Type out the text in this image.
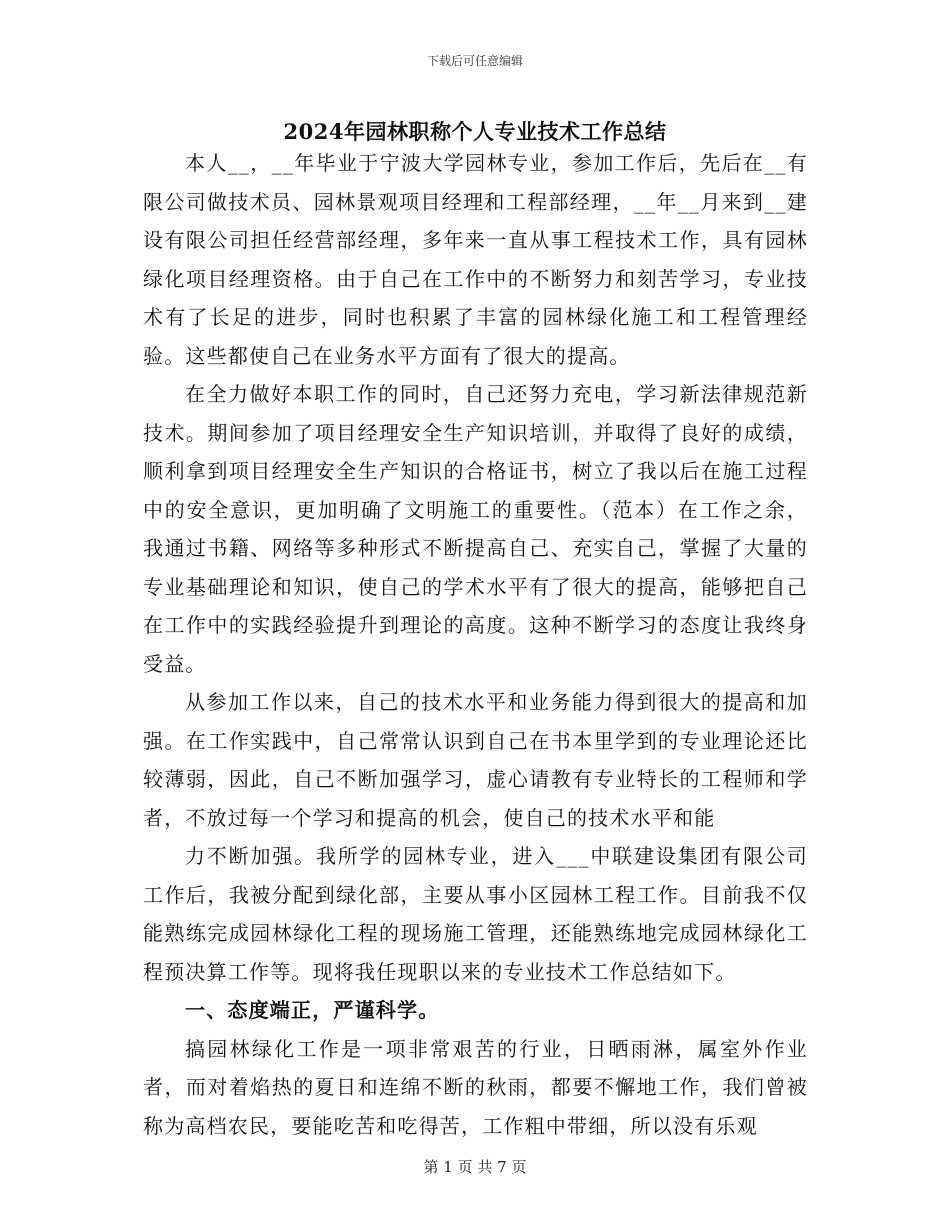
下载后可任意编辑
2024年园林职称个人专业技术工作总结

本人__，__年毕业于宁波大学园林专业，参加工作后，先后在__有限公司做技术员、园林景观项目经理和工程部经理，__年__月来到__建设有限公司担任经营部经理，多年来一直从事工程技术工作，具有园林绿化项目经理资格。由于自己在工作中的不断努力和刻苦学习，专业技术有了长足的进步，同时也积累了丰富的园林绿化施工和工程管理经验。这些都使自己在业务水平方面有了很大的提高。

在全力做好本职工作的同时，自己还努力充电，学习新法律规范新技术。期间参加了项目经理安全生产知识培训，并取得了良好的成绩，顺利拿到项目经理安全生产知识的合格证书，树立了我以后在施工过程中的安全意识，更加明确了文明施工的重要性。（范本）在工作之余，我通过书籍、网络等多种形式不断提高自己、充实自己，掌握了大量的专业基础理论和知识，使自己的学术水平有了很大的提高，能够把自己在工作中的实践经验提升到理论的高度。这种不断学习的态度让我终身受益。

从参加工作以来，自己的技术水平和业务能力得到很大的提高和加强。在工作实践中，自己常常认识到自己在书本里学到的专业理论还比较薄弱，因此，自己不断加强学习，虚心请教有专业特长的工程师和学者，不放过每一个学习和提高的机会，使自己的技术水平和能

力不断加强。我所学的园林专业，进入___中联建设集团有限公司工作后，我被分配到绿化部，主要从事小区园林工程工作。目前我不仅能熟练完成园林绿化工程的现场施工管理，还能熟练地完成园林绿化工程预决算工作等。现将我任现职以来的专业技术工作总结如下。

一、态度端正，严谨科学。

搞园林绿化工作是一项非常艰苦的行业，日晒雨淋，属室外作业者，而对着焰热的夏日和连绵不断的秋雨，都要不懈地工作，我们曾被称为高档农民，要能吃苦和吃得苦，工作粗中带细，所以没有乐观

第 1 页 共 7 页
